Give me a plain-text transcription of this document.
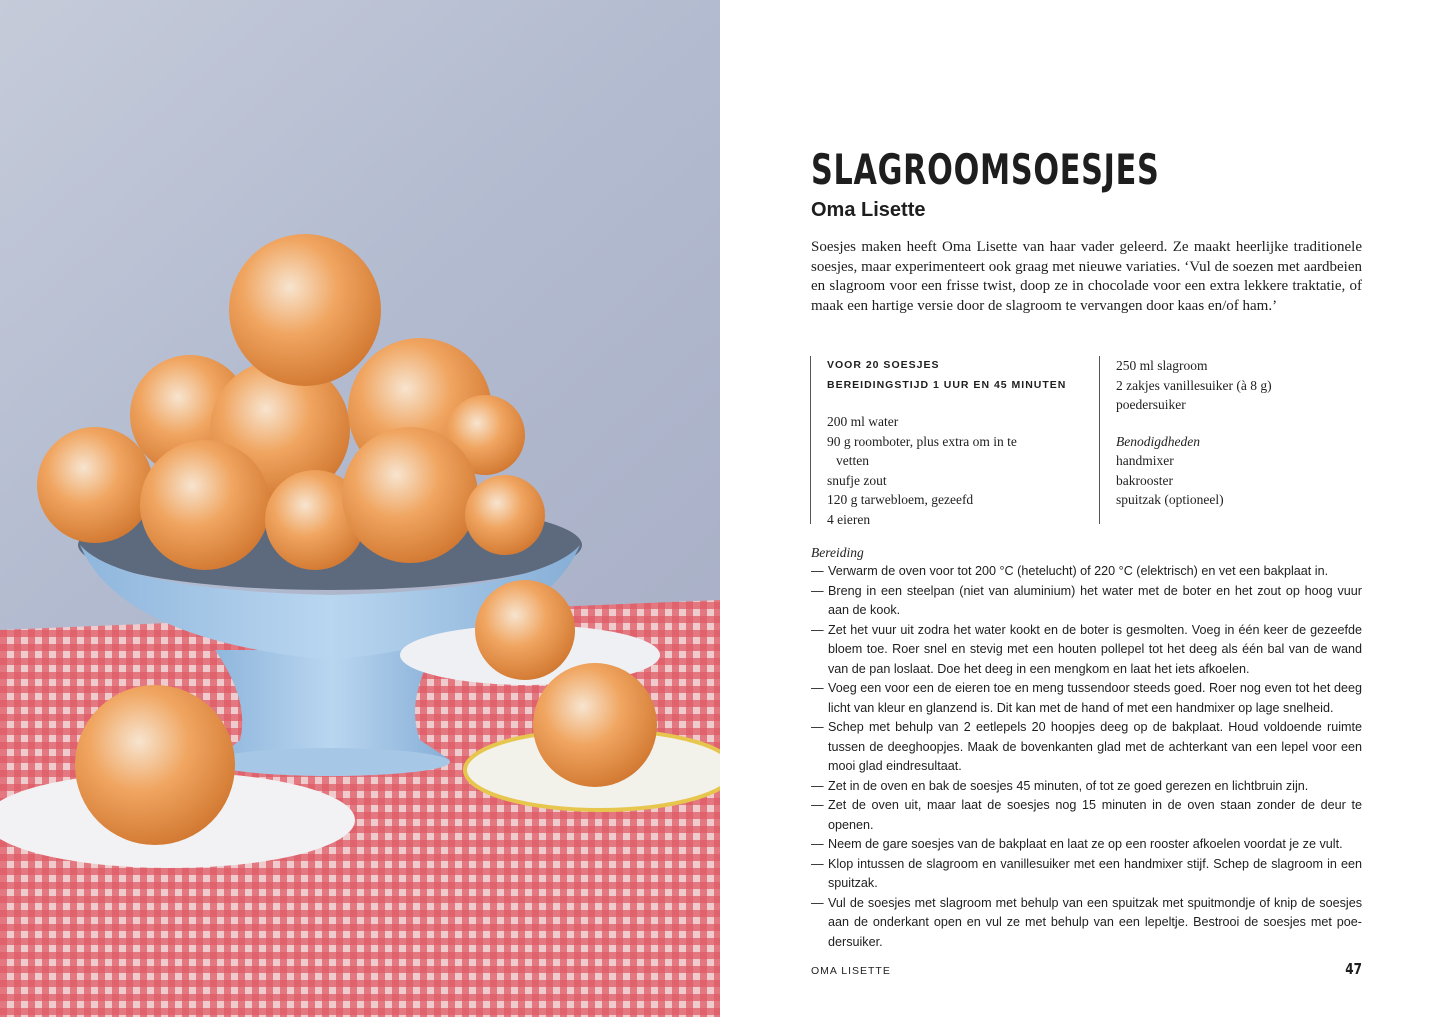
SLAGROOMSOESJES
Oma Lisette

Soesjes maken heeft Oma Lisette van haar vader geleerd. Ze maakt heerlijke traditionele soesjes, maar experimenteert ook graag met nieuwe variaties. ‘Vul de soezen met aardbeien en slagroom voor een frisse twist, doop ze in chocolade voor een extra lekkere traktatie, of maak een hartige versie door de slagroom te vervangen door kaas en/of ham.’

VOOR 20 SOESJES
BEREIDINGSTIJD 1 UUR EN 45 MINUTEN
200 ml water
90 g roomboter, plus extra om in te
vetten
snufje zout
120 g tarwebloem, gezeefd
4 eieren
250 ml slagroom
2 zakjes vanillesuiker (à 8 g)
poedersuiker
Benodigdheden
handmixer
bakrooster
spuitzak (optioneel)
Bereiding
— Verwarm de oven voor tot 200 °C (hetelucht) of 220 °C (elektrisch) en vet een bakplaat in.
— Breng in een steelpan (niet van aluminium) het water met de boter en het zout op hoog vuur aan de kook.
— Zet het vuur uit zodra het water kookt en de boter is gesmolten. Voeg in één keer de gezeefde bloem toe. Roer snel en stevig met een houten pollepel tot het deeg als één bal van de wand van de pan loslaat. Doe het deeg in een mengkom en laat het iets afkoelen.
— Voeg een voor een de eieren toe en meng tussendoor steeds goed. Roer nog even tot het deeg licht van kleur en glanzend is. Dit kan met de hand of met een handmixer op lage snelheid.
— Schep met behulp van 2 eetlepels 20 hoopjes deeg op de bakplaat. Houd voldoende ruimte tussen de deeghoopjes. Maak de bovenkanten glad met de achterkant van een lepel voor een mooi glad eindresultaat.
— Zet in de oven en bak de soesjes 45 minuten, of tot ze goed gerezen en lichtbruin zijn.
— Zet de oven uit, maar laat de soesjes nog 15 minuten in de oven staan zonder de deur te openen.
— Neem de gare soesjes van de bakplaat en laat ze op een rooster afkoelen voordat je ze vult.
— Klop intussen de slagroom en vanillesuiker met een handmixer stijf. Schep de slagroom in een spuitzak.
— Vul de soesjes met slagroom met behulp van een spuitzak met spuitmondje of knip de soesjes aan de onderkant open en vul ze met behulp van een lepeltje. Bestrooi de soesjes met poedersuiker.
OMA LISETTE	47
